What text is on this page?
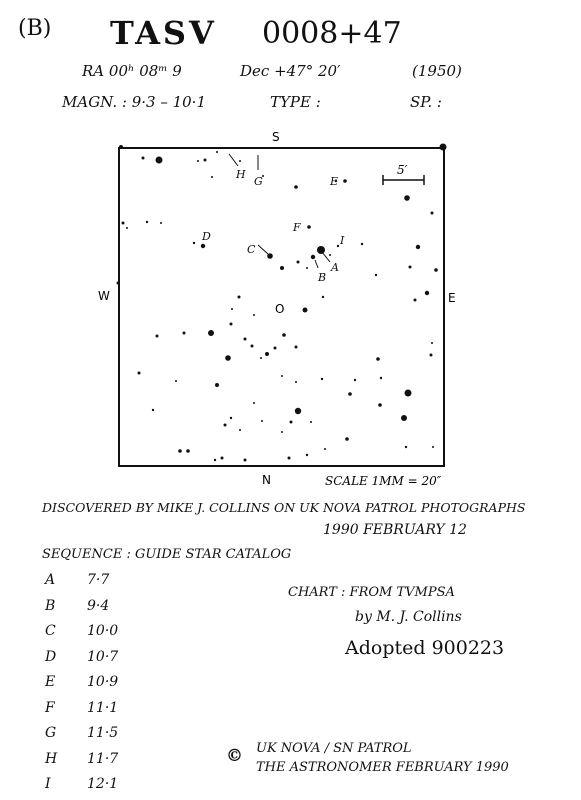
(B) TASV 0008+47
RA 00ʰ 08ᵐ 9	Dec +47° 20′	(1950)
MAGN. : 9·3 – 10·1	TYPE :	SP. :
A
B
C
D
E
F
G
H
I
N
S
W	E
5′
O
SCALE 1MM = 20″
DISCOVERED BY MIKE J. COLLINS ON UK NOVA PATROL PHOTOGRAPHS
1990 FEBRUARY 12
SEQUENCE : GUIDE STAR CATALOG
A 7·7
B 9·4
C 10·0
D 10·7
E 10·9
F 11·1
G 11·5
H 11·7
I	12·1
CHART : FROM TVMPSA
by M. J. Collins
Adopted 900223
© UK NOVA / SN PATROL
THE ASTRONOMER FEBRUARY 1990
